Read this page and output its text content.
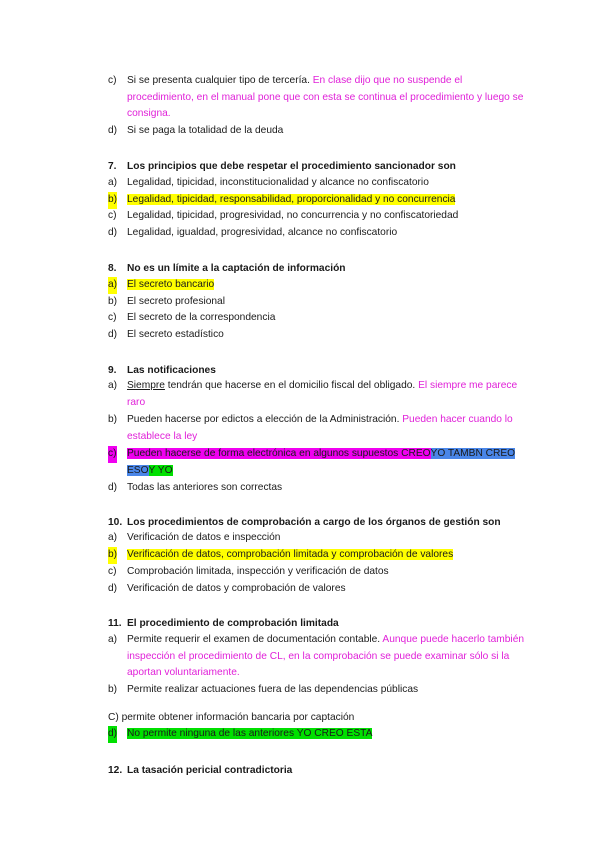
c) Si se presenta cualquier tipo de tercería. En clase dijo que no suspende el procedimiento, en el manual pone que con esta se continua el procedimiento y luego se consigna.
d) Si se paga la totalidad de la deuda
7. Los principios que debe respetar el procedimiento sancionador son
a) Legalidad, tipicidad, inconstitucionalidad y alcance no confiscatorio
b) Legalidad, tipicidad, responsabilidad, proporcionalidad y no concurrencia
c) Legalidad, tipicidad, progresividad, no concurrencia y no confiscatoriedad
d) Legalidad, igualdad, progresividad, alcance no confiscatorio
8. No es un límite a la captación de información
a) El secreto bancario
b) El secreto profesional
c) El secreto de la correspondencia
d) El secreto estadístico
9. Las notificaciones
a) Siempre tendrán que hacerse en el domicilio fiscal del obligado. El siempre me parece raro
b) Pueden hacerse por edictos a elección de la Administración. Pueden hacer cuando lo establece la ley
c) Pueden hacerse de forma electrónica en algunos supuestos CREOYO TAMBN CREO ESOY YO
d) Todas las anteriores son correctas
10. Los procedimientos de comprobación a cargo de los órganos de gestión son
a) Verificación de datos e inspección
b) Verificación de datos, comprobación limitada y comprobación de valores
c) Comprobación limitada, inspección y verificación de datos
d) Verificación de datos y comprobación de valores
11. El procedimiento de comprobación limitada
a) Permite requerir el examen de documentación contable. Aunque puede hacerlo también inspección el procedimiento de CL, en la comprobación se puede examinar sólo si la aportan voluntariamente.
b) Permite realizar actuaciones fuera de las dependencias públicas
C) permite obtener información bancaria por captación
d) No permite ninguna de las anteriores YO CREO ESTA
12. La tasación pericial contradictoria
